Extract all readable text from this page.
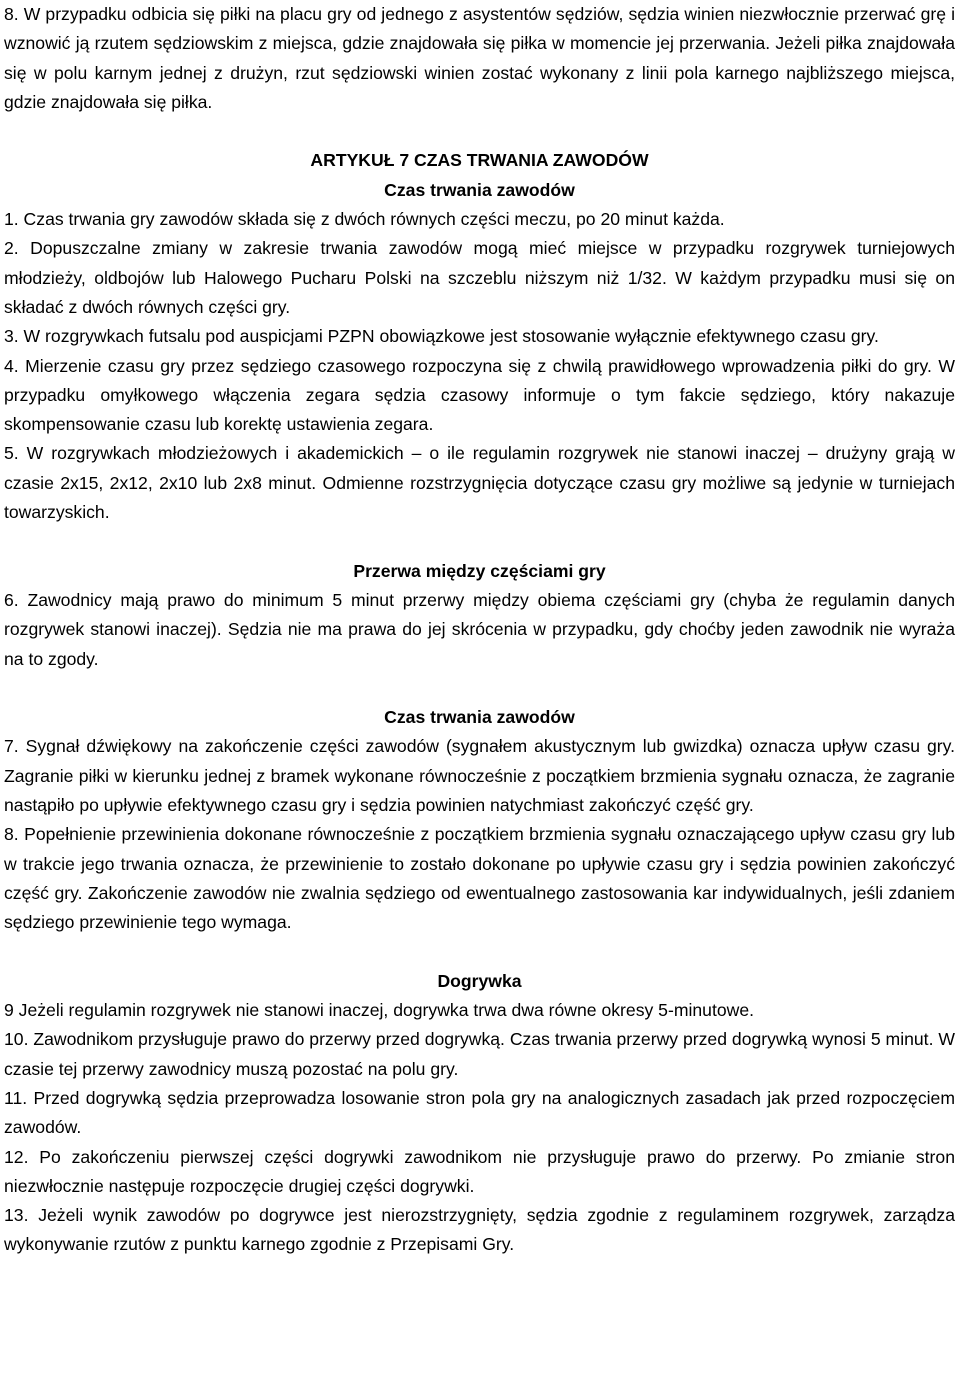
8. W przypadku odbicia się piłki na placu gry od jednego z asystentów sędziów, sędzia winien niezwłocznie przerwać grę i wznowić ją rzutem sędziowskim z miejsca, gdzie znajdowała się piłka w momencie jej przerwania. Jeżeli piłka znajdowała się w polu karnym jednej z drużyn, rzut sędziowski winien zostać wykonany z linii pola karnego najbliższego miejsca, gdzie znajdowała się piłka.

ARTYKUŁ 7 CZAS TRWANIA ZAWODÓW

Czas trwania zawodów

1. Czas trwania gry zawodów składa się z dwóch równych części meczu, po 20 minut każda.

2. Dopuszczalne zmiany w zakresie trwania zawodów mogą mieć miejsce w przypadku rozgrywek turniejowych młodzieży, oldbojów lub Halowego Pucharu Polski na szczeblu niższym niż 1/32. W każdym przypadku musi się on składać z dwóch równych części gry.

3. W rozgrywkach futsalu pod auspicjami PZPN obowiązkowe jest stosowanie wyłącznie efektywnego czasu gry.

4. Mierzenie czasu gry przez sędziego czasowego rozpoczyna się z chwilą prawidłowego wprowadzenia piłki do gry. W przypadku omyłkowego włączenia zegara sędzia czasowy informuje o tym fakcie sędziego, który nakazuje skompensowanie czasu lub korektę ustawienia zegara.

5. W rozgrywkach młodzieżowych i akademickich – o ile regulamin rozgrywek nie stanowi inaczej – drużyny grają w czasie 2x15, 2x12, 2x10 lub 2x8 minut. Odmienne rozstrzygnięcia dotyczące czasu gry możliwe są jedynie w turniejach towarzyskich.

Przerwa między częściami gry

6. Zawodnicy mają prawo do minimum 5 minut przerwy między obiema częściami gry (chyba że regulamin danych rozgrywek stanowi inaczej). Sędzia nie ma prawa do jej skrócenia w przypadku, gdy choćby jeden zawodnik nie wyraża na to zgody.

Czas trwania zawodów

7. Sygnał dźwiękowy na zakończenie części zawodów (sygnałem akustycznym lub gwizdka) oznacza upływ czasu gry. Zagranie piłki w kierunku jednej z bramek wykonane równocześnie z początkiem brzmienia sygnału oznacza, że zagranie nastąpiło po upływie efektywnego czasu gry i sędzia powinien natychmiast zakończyć część gry.

8. Popełnienie przewinienia dokonane równocześnie z początkiem brzmienia sygnału oznaczającego upływ czasu gry lub w trakcie jego trwania oznacza, że przewinienie to zostało dokonane po upływie czasu gry i sędzia powinien zakończyć część gry. Zakończenie zawodów nie zwalnia sędziego od ewentualnego zastosowania kar indywidualnych, jeśli zdaniem sędziego przewinienie tego wymaga.

Dogrywka

9 Jeżeli regulamin rozgrywek nie stanowi inaczej, dogrywka trwa dwa równe okresy 5-minutowe.

10. Zawodnikom przysługuje prawo do przerwy przed dogrywką. Czas trwania przerwy przed dogrywką wynosi 5 minut. W czasie tej przerwy zawodnicy muszą pozostać na polu gry.

11. Przed dogrywką sędzia przeprowadza losowanie stron pola gry na analogicznych zasadach jak przed rozpoczęciem zawodów.

12. Po zakończeniu pierwszej części dogrywki zawodnikom nie przysługuje prawo do przerwy. Po zmianie stron niezwłocznie następuje rozpoczęcie drugiej części dogrywki.

13. Jeżeli wynik zawodów po dogrywce jest nierozstrzygnięty, sędzia zgodnie z regulaminem rozgrywek, zarządza wykonywanie rzutów z punktu karnego zgodnie z Przepisami Gry.
